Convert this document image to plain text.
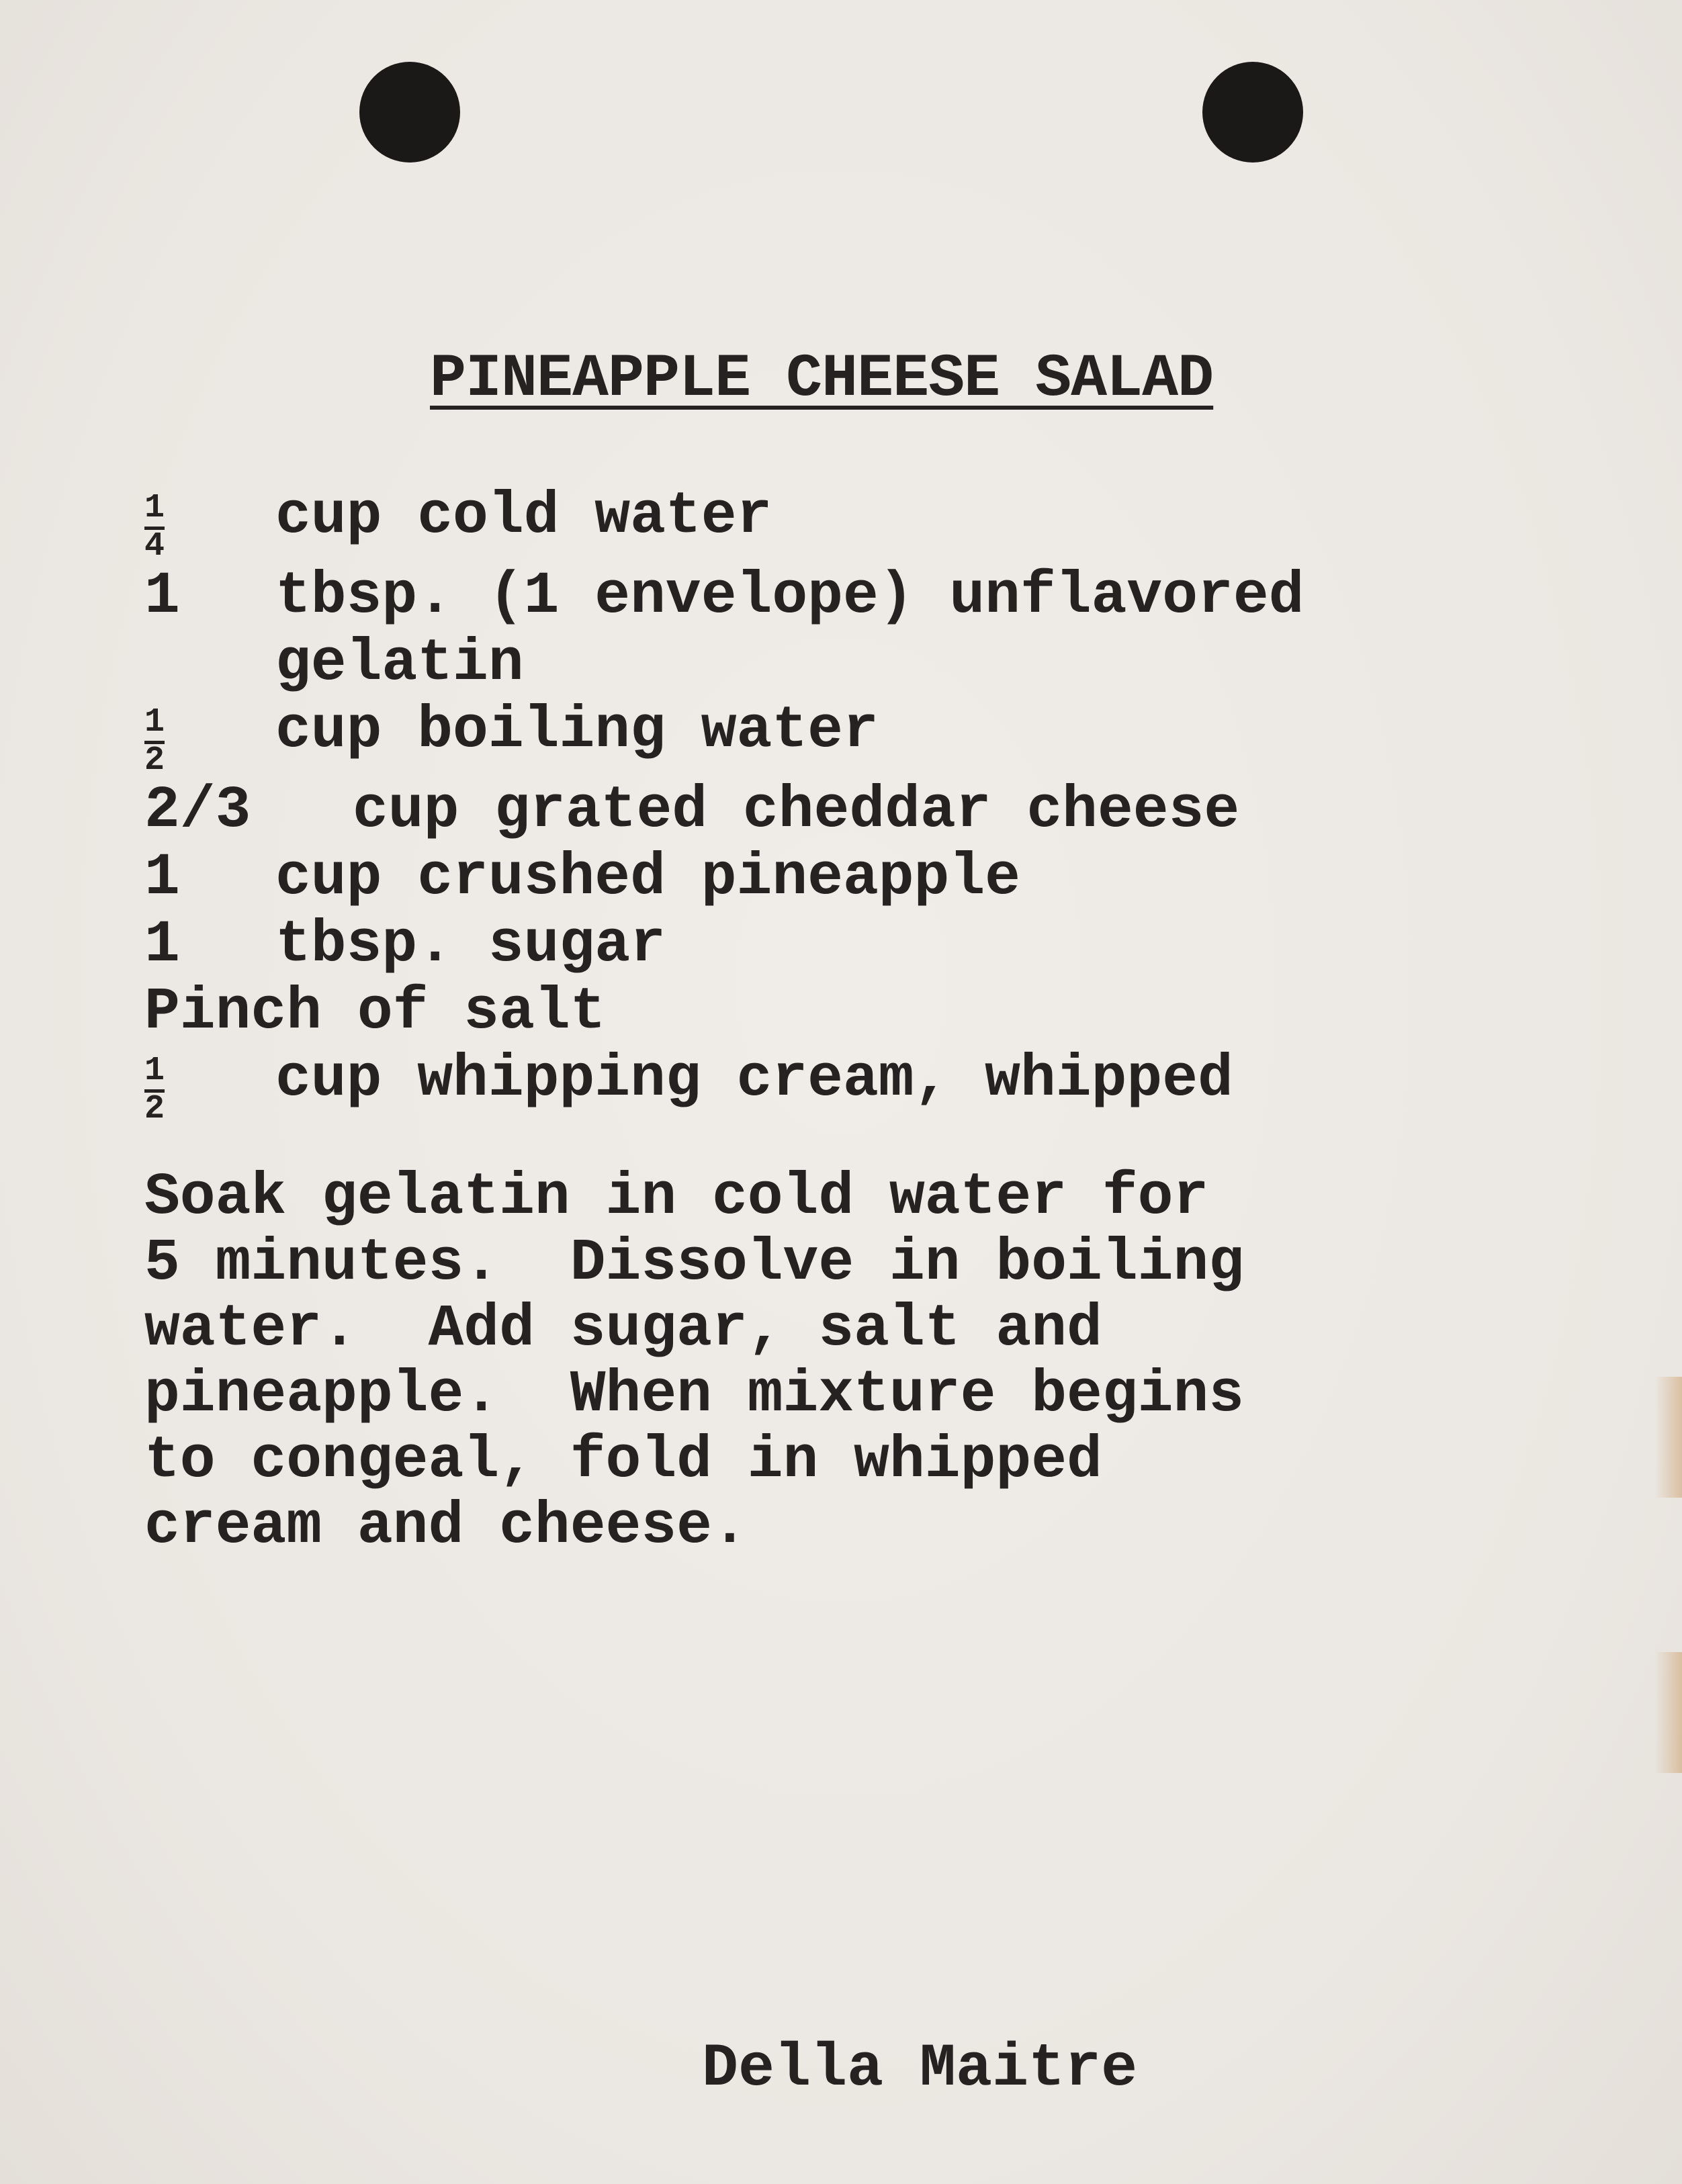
PINEAPPLE CHEESE SALAD
$\frac{1}{4}$ cup cold water
1 tbsp. (1 envelope) unflavored gelatin
$\frac{1}{2}$ cup boiling water
2/3 cup grated cheddar cheese
1 cup crushed pineapple
1 tbsp. sugar
Pinch of salt
$\frac{1}{2}$ cup whipping cream, whipped

Soak gelatin in cold water for
5 minutes.  Dissolve in boiling
water.  Add sugar, salt and
pineapple.  When mixture begins
to congeal, fold in whipped
cream and cheese.

Della Maitre
